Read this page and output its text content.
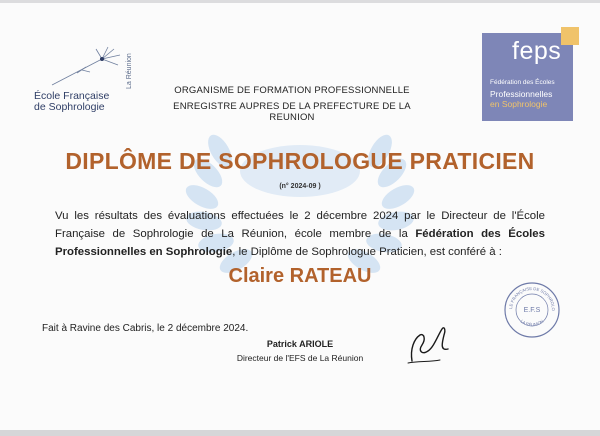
La Réunion
École Française
de Sophrologie
feps
Fédération des Écoles
Professionnelles
en Sophrologie
ORGANISME DE FORMATION PROFESSIONNELLE
ENREGISTRE AUPRES DE LA PREFECTURE DE LA REUNION
DIPLÔME DE SOPHROLOGUE PRATICIEN
(n° 2024-09 )
Vu les résultats des évaluations effectuées le 2 décembre 2024 par le Directeur de l'École Française de Sophrologie de La Réunion, école membre de la Fédération des Écoles Professionnelles en Sophrologie, le Diplôme de Sophrologue Praticien, est conféré à :
Claire RATEAU
Fait à Ravine des Cabris, le 2 décembre 2024.
Patrick ARIOLE
Directeur de l'EFS de La Réunion
LE FRANÇAISE DE SOPHROLO
E.F.S
LA RÉUNION
